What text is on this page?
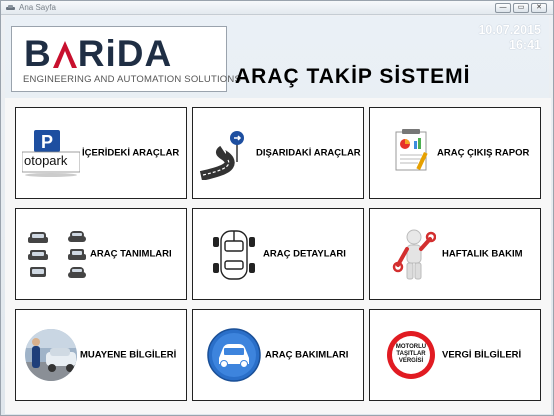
Ana Sayfa	—	▭	✕
B RiDA
ENGINEERING AND AUTOMATION SOLUTIONS
ARAÇ TAKİP SİSTEMİ
10.07.2015
16:41
P
otopark İÇERİDEKİ ARAÇLAR	DIŞARIDAKİ ARAÇLAR	ARAÇ ÇIKIŞ RAPOR
ARAÇ TANIMLARI	ARAÇ DETAYLARI	HAFTALIK BAKIM
MUAYENE BİLGİLERİ	ARAÇ BAKIMLARI
MOTORLU TAŞITLAR VERGİSİ
VERGİ BİLGİLERİ
